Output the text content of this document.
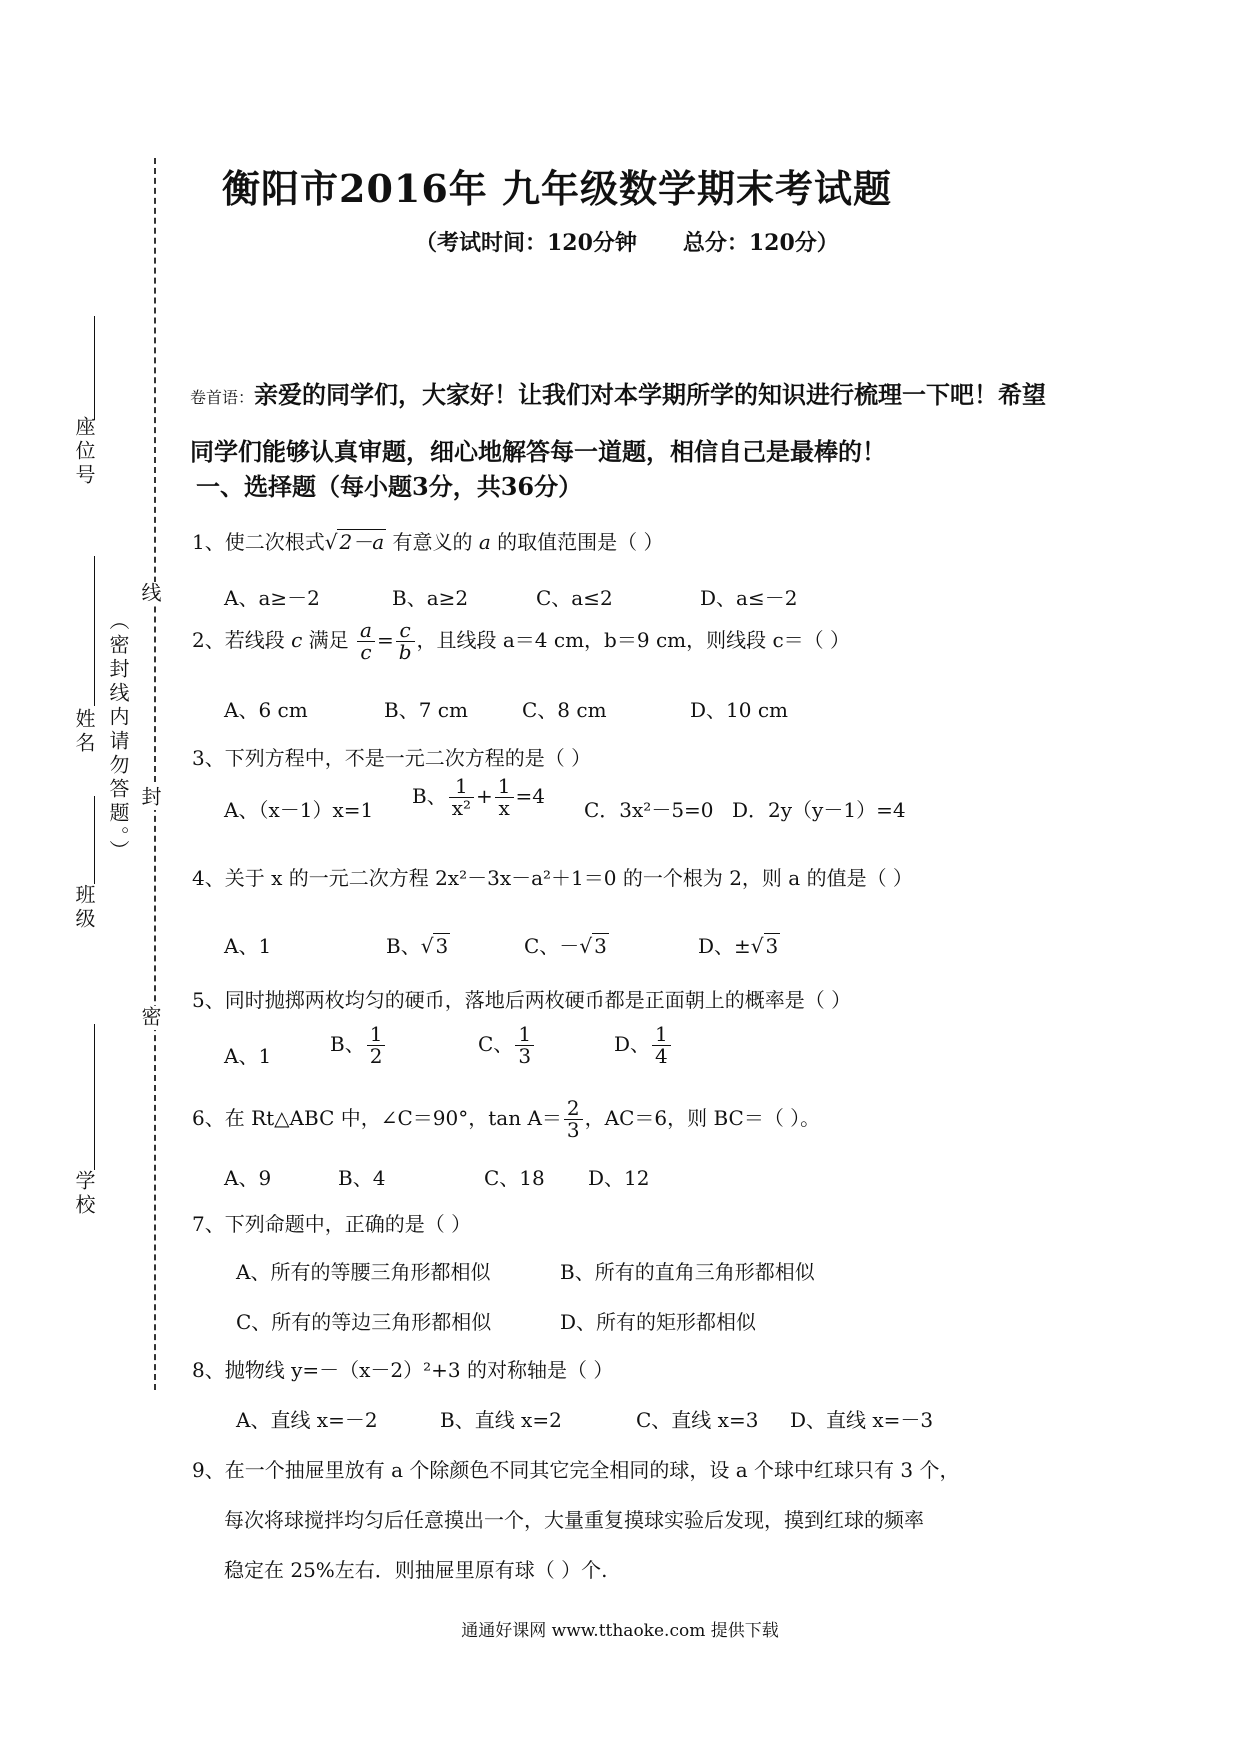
衡阳市2016年 九年级数学期末考试题
（考试时间：120分钟      总分：120分）
卷首语：亲爱的同学们，大家好！让我们对本学期所学的知识进行梳理一下吧！希望
同学们能够认真审题，细心地解答每一道题，相信自己是最棒的！
一、选择题（每小题3分，共36分）
1、使二次根式√ 2－a 有意义的 a 的取值范围是（ ）
A、a≥－2	B、a≥2	C、a≤2	D、a≤－2
2、若线段 c 满足 $\frac{a}{c} = \frac{c}{b}$ ，且线段 a＝4 cm，b＝9 cm，则线段 c＝（ ）
A、6 cm	B、7 cm	C、8 cm	D、10 cm
3、下列方程中，不是一元二次方程的是（ ）
A、（x－1）x=1
B、 $\frac{1}{\text{x²}} + \frac{1}{x} =4$
C．3x²－5=0 D．2y（y－1）=4
4、关于 x 的一元二次方程 2x²－3x－a²＋1＝0 的一个根为 2，则 a 的值是（ ）
A、1	B、√ 3	C、－√ 3	D、±√ 3
5、同时抛掷两枚均匀的硬币，落地后两枚硬币都是正面朝上的概率是（ ）
A、1	B、 $\frac{1}{2}$	C、 $\frac{1}{3}$	D、 $\frac{1}{4}$
6、在 Rt△ABC 中，∠C＝90°，$\tan A= \frac{2}{3}$ ，AC＝6，则 BC＝（ ）。
A、9	B、4	C、18 D、12
7、下列命题中，正确的是（ ）
A、所有的等腰三角形都相似	B、所有的直角三角形都相似
C、所有的等边三角形都相似	D、所有的矩形都相似
8、抛物线 y=－（x－2）²+3 的对称轴是（ ）
A、直线 x=－2	B、直线 x=2	C、直线 x=3 D、直线 x=－3
9、在一个抽屉里放有 a 个除颜色不同其它完全相同的球，设 a 个球中红球只有 3 个，
每次将球搅拌均匀后任意摸出一个，大量重复摸球实验后发现，摸到红球的频率
稳定在 25%左右．则抽屉里原有球（ ）个.
座位号
姓名
班级
学校
（密封线内请勿答题。）
线
封
密
通通好课网 www.tthaoke.com 提供下载
